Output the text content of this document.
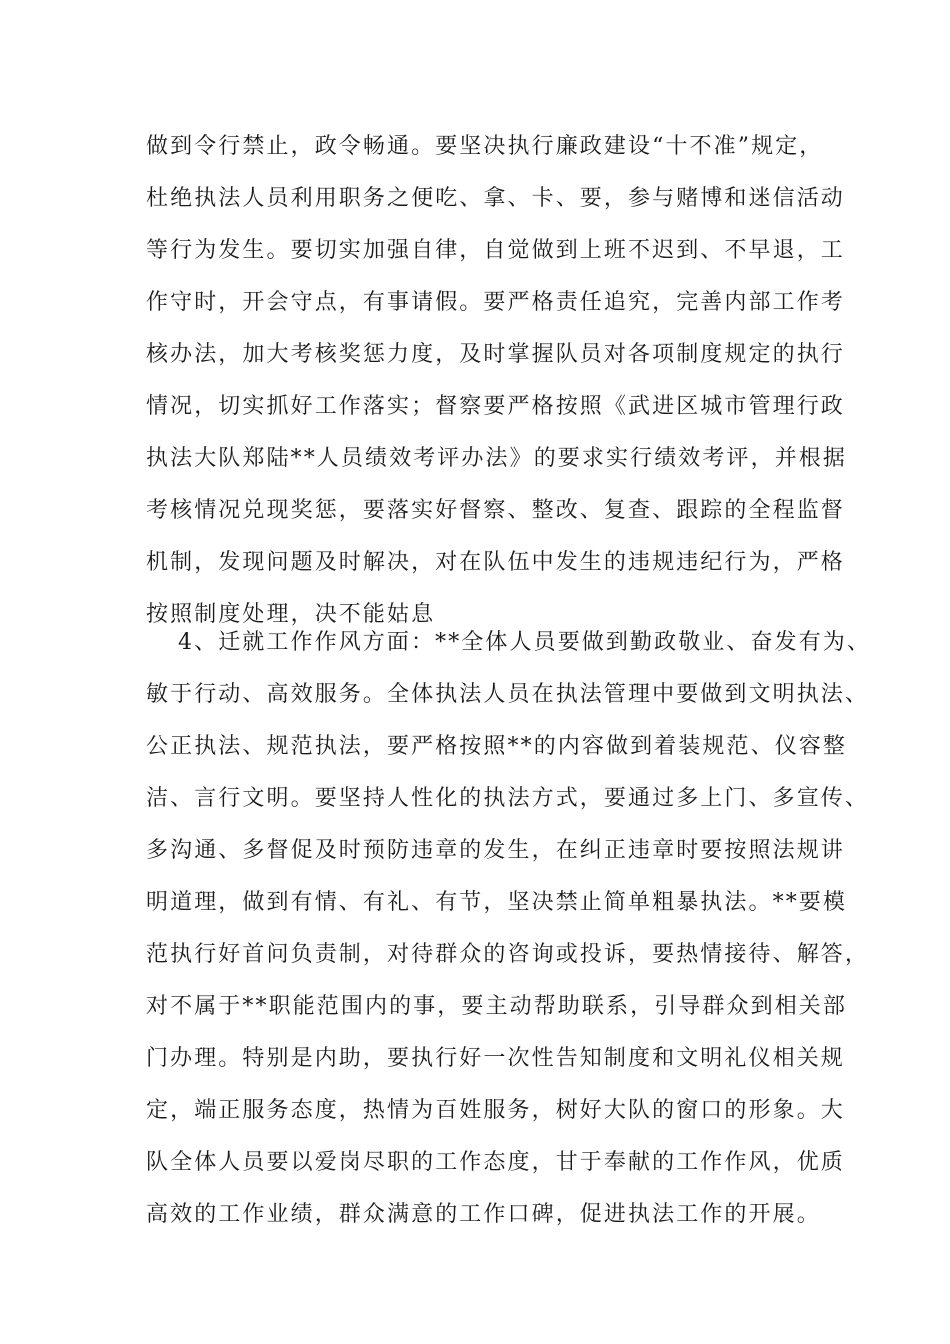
做到令行禁止，政令畅通。要坚决执行廉政建设“十不准”规定，
杜绝执法人员利用职务之便吃、拿、卡、要，参与赌博和迷信活动
等行为发生。要切实加强自律，自觉做到上班不迟到、不早退，工
作守时，开会守点，有事请假。要严格责任追究，完善内部工作考
核办法，加大考核奖惩力度，及时掌握队员对各项制度规定的执行
情况，切实抓好工作落实；督察要严格按照《武进区城市管理行政
执法大队郑陆**人员绩效考评办法》的要求实行绩效考评，并根据
考核情况兑现奖惩，要落实好督察、整改、复查、跟踪的全程监督
机制，发现问题及时解决，对在队伍中发生的违规违纪行为，严格
按照制度处理，决不能姑息
4、迁就工作作风方面：**全体人员要做到勤政敬业、奋发有为、
敏于行动、高效服务。全体执法人员在执法管理中要做到文明执法、
公正执法、规范执法，要严格按照**的内容做到着装规范、仪容整
洁、言行文明。要坚持人性化的执法方式，要通过多上门、多宣传、
多沟通、多督促及时预防违章的发生，在纠正违章时要按照法规讲
明道理，做到有情、有礼、有节，坚决禁止简单粗暴执法。**要模
范执行好首问负责制，对待群众的咨询或投诉，要热情接待、解答，
对不属于**职能范围内的事，要主动帮助联系，引导群众到相关部
门办理。特别是内助，要执行好一次性告知制度和文明礼仪相关规
定，端正服务态度，热情为百姓服务，树好大队的窗口的形象。大
队全体人员要以爱岗尽职的工作态度，甘于奉献的工作作风，优质
高效的工作业绩，群众满意的工作口碑，促进执法工作的开展。
